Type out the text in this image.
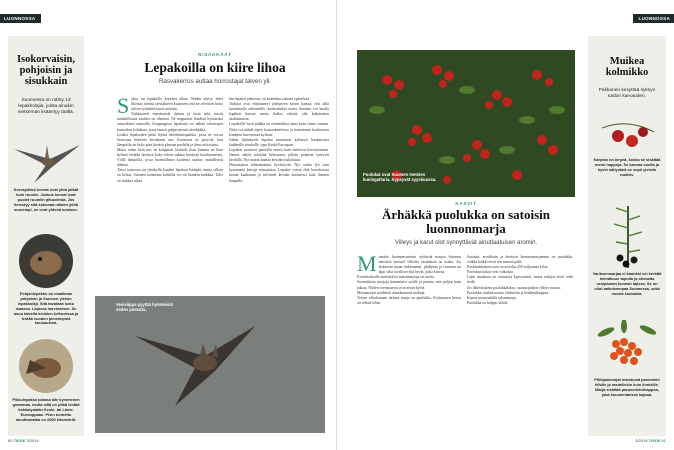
LUONNOSSA
Isokorvaisin, pohjoisin ja sisukkain
Suomessa on nähty 13 lepakkolajia, joista ainakin seitsemän lisääntyy täällä.
Korvayökkö korvat ovat yhtä pitkät kuin ruumis. Joskus korvat ovat puolet ruumiin pituudesta. Jos ilmestyy sitä kokonaa näiden yöllä suurempi, ne ovat yhtenä lumisen.
Pohjanlepakko on maailman pohjoisin ja Suomen yleisin lepakkolaji. Sitä tavataan koko maassa. Lapissa harvinainen. Se asuu talvella kivisten kellareissa ja lentää vuoden pimeimpinä kuukausina.
Pikkulepakko painaa alle kymmenen grammaa, mutta sillä on pitkä lentää lisääntymään Keski- tai Länsi-Eurooppaan. Pisin tunnettu muuttomatka on 2000 kilometriä.
NISÄKKÄÄT
Lepakoilla on kiire lihoa
Rasvakerros auttaa horrostajat talven yli.
Syksy on lepakoille kiireistä aikaa. Niiden täytyy ehtiä lihottaa itsensä selviäkseen kuutosen, että ne selviävät koko talven sylimättä kuori mittään.
Nahkasiivet metsästävät iltaisin ja öisin siitä, missä mahdollisuus saalista on tiheässä. Ne nappaavat lentäviä hyönteisiä esimerkiksi rannoilla. Kaupungissa lepakoita voi nähdä valaistujen katuvalon kohdassa, jossa tanssii paljon pieniä siivekkäitä.
Lisäksi lepakoiden pitää löytää talvehtimispaikka, jossa ne voivat horrostaa häiriöttä kevääseen asti. Kunnossa ne pysyvät, kun lämpötila on koko ajan lievästi plussan puolella ja ilma on kosteaa.
Mutta toisin kuin me, ne kohpatsat kestävät liian kuumia tai liian kylmiä eivätkä heräävä koko talven aikana kesäisin kesähuoneesta. Yöllä lämpötila, jossa luonnollinen kuolema saattaa vaarallisesti alentua.
Tässä tarinossa on yhtäkyllä kuuden lepakon lentäjää, mutta silloin on kehoa. Suomen kotimaan kohoilla voi on liiankin rankkaa. Talvi on tiukkaa aikaa.
hin lepakot pääsevät, on kuitenkin osittain epäselvää.
Tutkijat ovat ehdottaneet jäähyneen kesän kanssa, että tällä luontaisella rakenteella, kaukoitinkin asuva ihminen voi kuulla lepakon kutsun mutta lisäksi edistää yhä kokonaisen saalistamista.
Lepakoille hyvä paikka on esimerkiksi sama kuin viime vuonna. Niitä voi nähdä myös kattorakenteissa ja itsenäisenä kuuluvassa lentäjien kasvavassa kylässä.
Jotkin lisääntyvät lepakot muuttavat kylmistä kuukausista lauhkeille seuduille, jopa Keski-Euroopan.
Lepakon saattavat pariteilla ennen kuin asettuvat horrostamaan. Naaras säilöö siittiöitä kehossaan, jolloin poikaset syntyvät keväällä. Nyt naaras kantaa kevään toukokuun.
Horrostajien elintoiminnot hyvästyvät. Nyt sydän lyö vain kymmeniä kertoja minuutissa. Lepakot voivat elää horroksessa monta kuukautta ja selviävät kevään koittaessa kuin ihmeen kaupalla.
Vesisiippa pyytää hyönteisiä veden pinnalta.
60 TIEDE 3/2019
LUONNOSSA
Puolukat ovat Suomen metsien kuningattaria. Kypsyvät syyskuussa.
KASVIT
Ärhäkkä puolukka on satoisin luonnonmarja
Viileys ja karut olot synnyttävät ainutlaatuisen aromin.
Montako luonnonvaraista syötävää marjaa Suomen metsissä kasvaa? Oikeita vastauksia on useita. Jos lasketaan maan tärkeimmät, pihlajaan ja ruusuun tai lapit sekä tavalliset että hyvät, jotka kasvaa.
Kotitalouksille merkittäviä metsämarjoja on useita.
Suomalaisia marjoja kannattaisi syödä ja poimia niin paljon kuin jaksaa. Niiden ravintoarvot ovat aivan hyviä.
Metsämarjat sisältävät ainutlaatuisia makuja.
Toisen valtakunnan tärkein marja on puolukka. Kotimaisen keruu on selkeä lokin.
Satoisin, arvokkain ja kerätyin luonnonmarjamme on puolukka, vaikka kaikki eivät sen maustä pidä.
Keskimääräinen sato on arviolta 250 miljoonaa kiloa.
Puolukan kukat ovat valkoisia.
Lajin muukaan on vastaavia kypsymistä, mutta tutkijat eivät vielä tiedä.
Jos lähteää pieni puolukkalakso, saattaa paljon yllätys nousta.
Puolukka sisältää monia yhdisteitä ja hedelmähappoa.
Kaarin maaseudulla talousmarja.
Puolukka on helppo säilöä.
Muikea kolmikko
Pakkanen kesyttää syksyn sadon karvauden.
Karpalo on kirpeä, koska se sisältää meno happoja. Se kasvaa suolla ja hyvin säilyvänä se sopii yleisiin ruokiin.
Variksenmarjaa ei kaarikki vei kerättä hemdkuun tapulla ja olemalta vesiplunan kunnan lajissa. Se on ollut aaltoisempaa Suomessa, sekä nuoria suolaisia.
Pihlajanmarjat maistuvat paremmin tilhille ja rastaillekin kuin ihmisille. Marja sisältää parasorbiinihappoa, joka kuumentaessa hajoaa.
3/2019 TIEDE 61
